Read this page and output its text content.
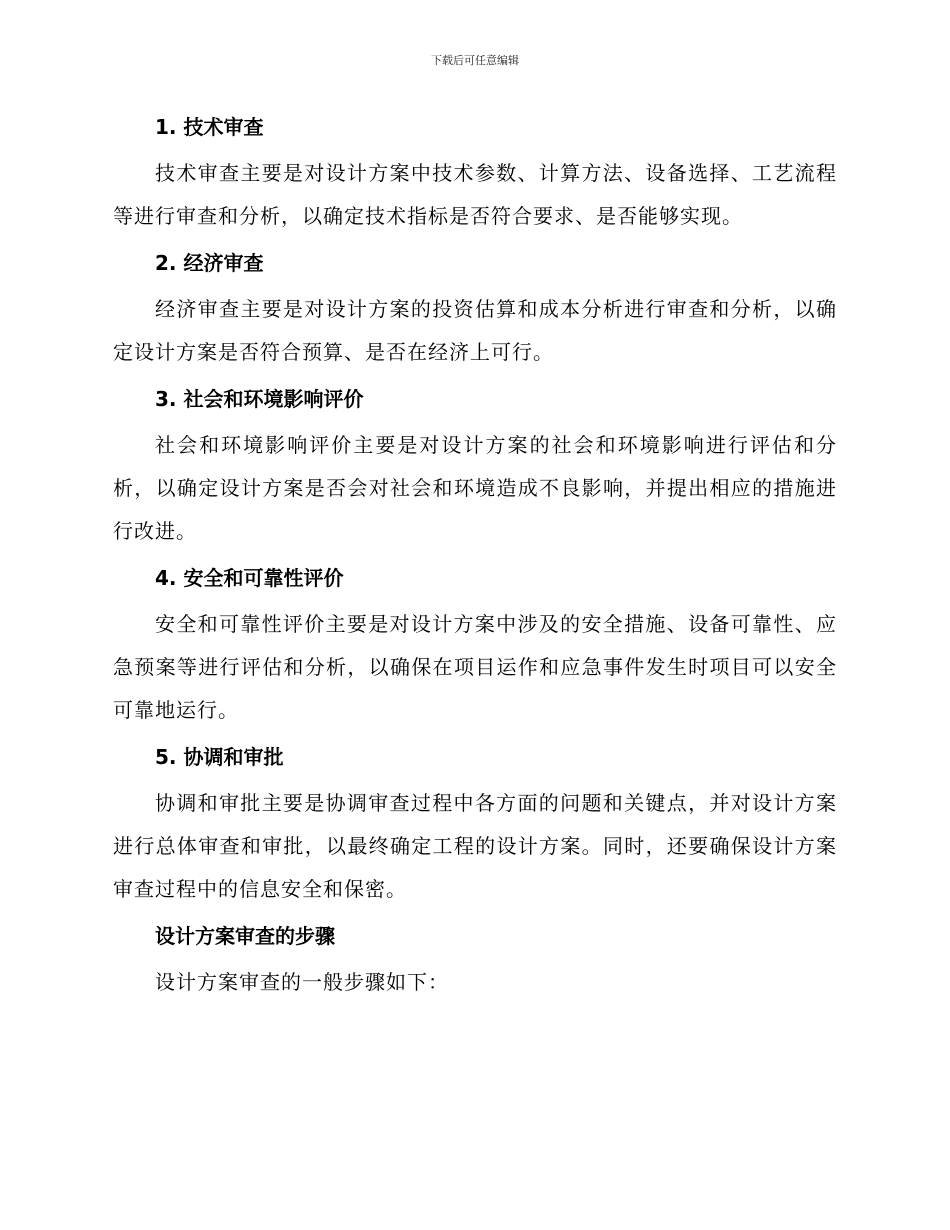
下载后可任意编辑
1. 技术审查

技术审查主要是对设计方案中技术参数、计算方法、设备选择、工艺流程等进行审查和分析，以确定技术指标是否符合要求、是否能够实现。

2. 经济审查

经济审查主要是对设计方案的投资估算和成本分析进行审查和分析，以确定设计方案是否符合预算、是否在经济上可行。

3. 社会和环境影响评价

社会和环境影响评价主要是对设计方案的社会和环境影响进行评估和分析，以确定设计方案是否会对社会和环境造成不良影响，并提出相应的措施进行改进。

4. 安全和可靠性评价

安全和可靠性评价主要是对设计方案中涉及的安全措施、设备可靠性、应急预案等进行评估和分析，以确保在项目运作和应急事件发生时项目可以安全可靠地运行。

5. 协调和审批

协调和审批主要是协调审查过程中各方面的问题和关键点，并对设计方案进行总体审查和审批，以最终确定工程的设计方案。同时，还要确保设计方案审查过程中的信息安全和保密。

设计方案审查的步骤

设计方案审查的一般步骤如下：
